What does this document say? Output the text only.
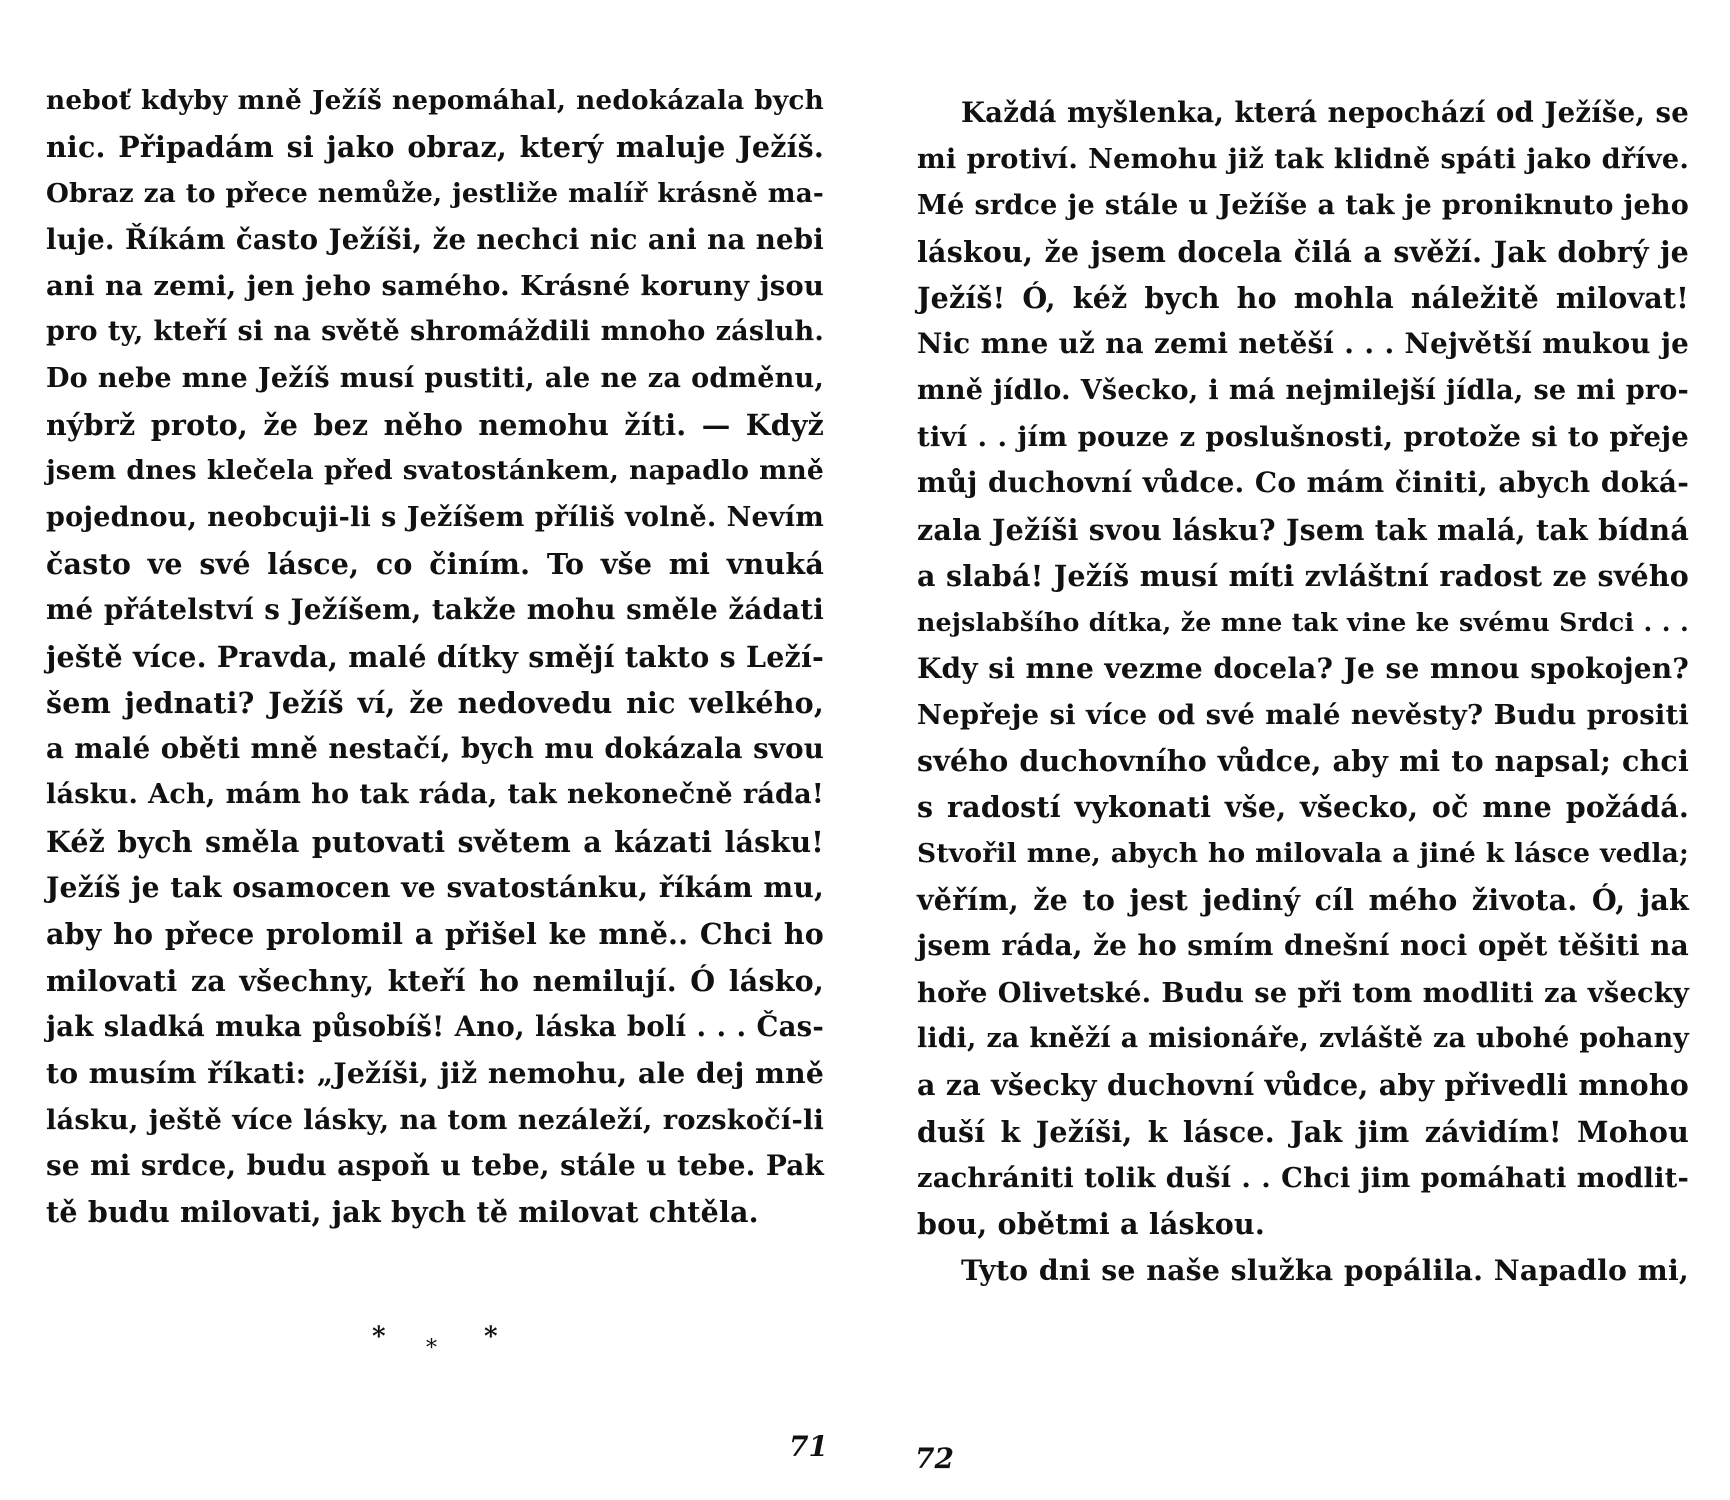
neboť kdyby mně Ježíš nepomáhal, nedokázala bych
nic. Připadám si jako obraz, který maluje Ježíš.
Obraz za to přece nemůže, jestliže malíř krásně ma-
luje. Říkám často Ježíši, že nechci nic ani na nebi
ani na zemi, jen jeho samého. Krásné koruny jsou
pro ty, kteří si na světě shromáždili mnoho zásluh.
Do nebe mne Ježíš musí pustiti, ale ne za odměnu,
nýbrž proto, že bez něho nemohu žíti. — Když
jsem dnes klečela před svatostánkem, napadlo mně
pojednou, neobcuji-li s Ježíšem příliš volně. Nevím
často ve své lásce, co činím. To vše mi vnuká
mé přátelství s Ježíšem, takže mohu směle žádati
ještě více. Pravda, malé dítky smějí takto s Leží-
šem jednati? Ježíš ví, že nedovedu nic velkého,
a malé oběti mně nestačí, bych mu dokázala svou
lásku. Ach, mám ho tak ráda, tak nekonečně ráda!
Kéž bych směla putovati světem a kázati lásku!
Ježíš je tak osamocen ve svatostánku, říkám mu,
aby ho přece prolomil a přišel ke mně.. Chci ho
milovati za všechny, kteří ho nemilují. Ó lásko,
jak sladká muka působíš! Ano, láska bolí . . . Čas-
to musím říkati: „Ježíši, již nemohu, ale dej mně
lásku, ještě více lásky, na tom nezáleží, rozskočí-li
se mi srdce, budu aspoň u tebe, stále u tebe. Pak
tě budu milovati, jak bych tě milovat chtěla.
* * *
71
Každá myšlenka, která nepochází od Ježíše, se
mi protiví. Nemohu již tak klidně spáti jako dříve.
Mé srdce je stále u Ježíše a tak je proniknuto jeho
láskou, že jsem docela čilá a svěží. Jak dobrý je
Ježíš! Ó, kéž bych ho mohla náležitě milovat!
Nic mne už na zemi netěší . . . Největší mukou je
mně jídlo. Všecko, i má nejmilejší jídla, se mi pro-
tiví . . jím pouze z poslušnosti, protože si to přeje
můj duchovní vůdce. Co mám činiti, abych doká-
zala Ježíši svou lásku? Jsem tak malá, tak bídná
a slabá! Ježíš musí míti zvláštní radost ze svého
nejslabšího dítka, že mne tak vine ke svému Srdci . . .
Kdy si mne vezme docela? Je se mnou spokojen?
Nepřeje si více od své malé nevěsty? Budu prositi
svého duchovního vůdce, aby mi to napsal; chci
s radostí vykonati vše, všecko, oč mne požádá.
Stvořil mne, abych ho milovala a jiné k lásce vedla;
věřím, že to jest jediný cíl mého života. Ó, jak
jsem ráda, že ho smím dnešní noci opět těšiti na
hoře Olivetské. Budu se při tom modliti za všecky
lidi, za kněží a misionáře, zvláště za ubohé pohany
a za všecky duchovní vůdce, aby přivedli mnoho
duší k Ježíši, k lásce. Jak jim závidím! Mohou
zachrániti tolik duší . . Chci jim pomáhati modlit-
bou, obětmi a láskou.
Tyto dni se naše služka popálila. Napadlo mi,
72
